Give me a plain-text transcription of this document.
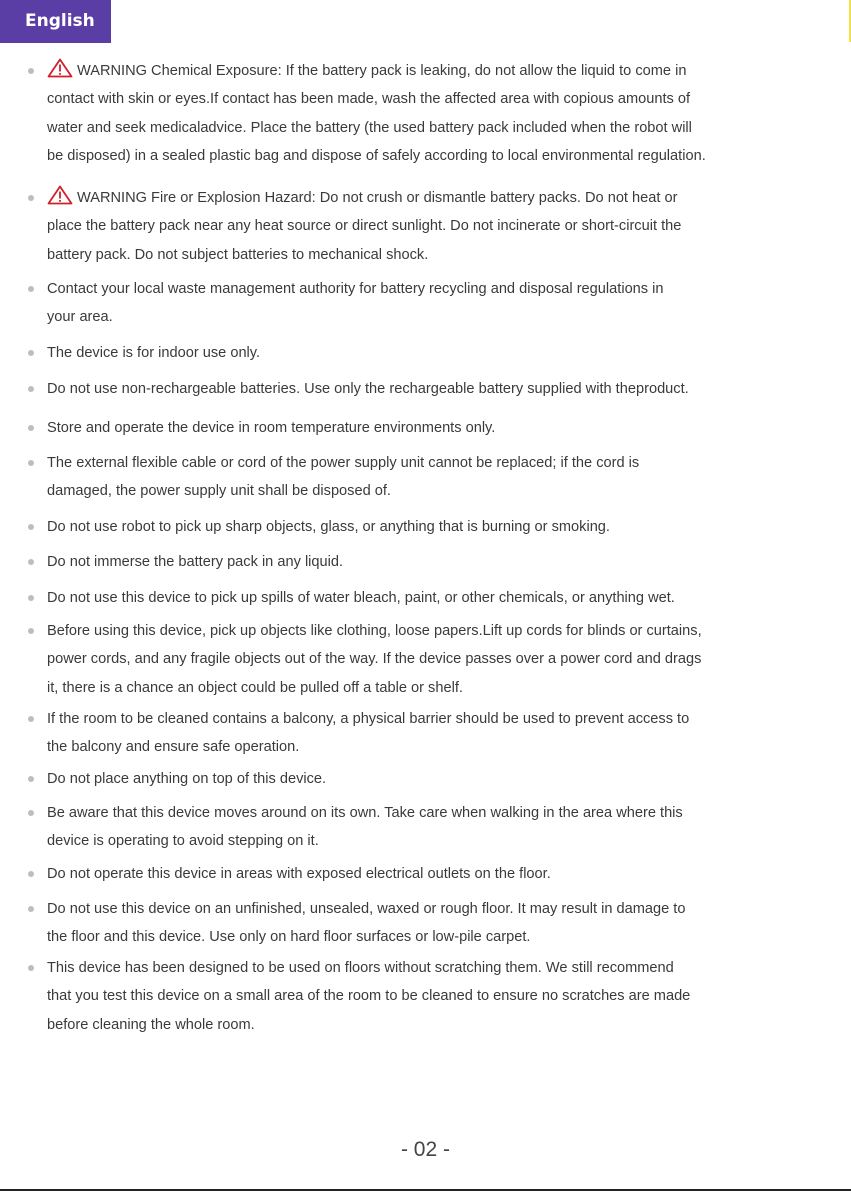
English
WARNING Chemical Exposure: If the battery pack is leaking, do not allow the liquid to come in
contact with skin or eyes.If contact has been made, wash the affected area with copious amounts of
water and seek medicaladvice. Place the battery (the used battery pack included when the robot will
be disposed) in a sealed plastic bag and dispose of safely according to local environmental regulation.
WARNING Fire or Explosion Hazard: Do not crush or dismantle battery packs. Do not heat or
place the battery pack near any heat source or direct sunlight. Do not incinerate or short-circuit the
battery pack. Do not subject batteries to mechanical shock.
Contact your local waste management authority for battery recycling and disposal regulations in
your area.
The device is for indoor use only.
Do not use non-rechargeable batteries. Use only the rechargeable battery supplied with theproduct.
Store and operate the device in room temperature environments only.
The external flexible cable or cord of the power supply unit cannot be replaced; if the cord is
damaged, the power supply unit shall be disposed of.
Do not use robot to pick up sharp objects, glass, or anything that is burning or smoking.
Do not immerse the battery pack in any liquid.
Do not use this device to pick up spills of water bleach, paint, or other chemicals, or anything wet.
Before using this device, pick up objects like clothing, loose papers.Lift up cords for blinds or curtains,
power cords, and any fragile objects out of the way. If the device passes over a power cord and drags
it, there is a chance an object could be pulled off a table or shelf.
If the room to be cleaned contains a balcony, a physical barrier should be used to prevent access to
the balcony and ensure safe operation.
Do not place anything on top of this device.
Be aware that this device moves around on its own. Take care when walking in the area where this
device is operating to avoid stepping on it.
Do not operate this device in areas with exposed electrical outlets on the floor.
Do not use this device on an unfinished, unsealed, waxed or rough floor. It may result in damage to
the floor and this device. Use only on hard floor surfaces or low-pile carpet.
This device has been designed to be used on floors without scratching them. We still recommend
that you test this device on a small area of the room to be cleaned to ensure no scratches are made
before cleaning the whole room.
- 02 -
